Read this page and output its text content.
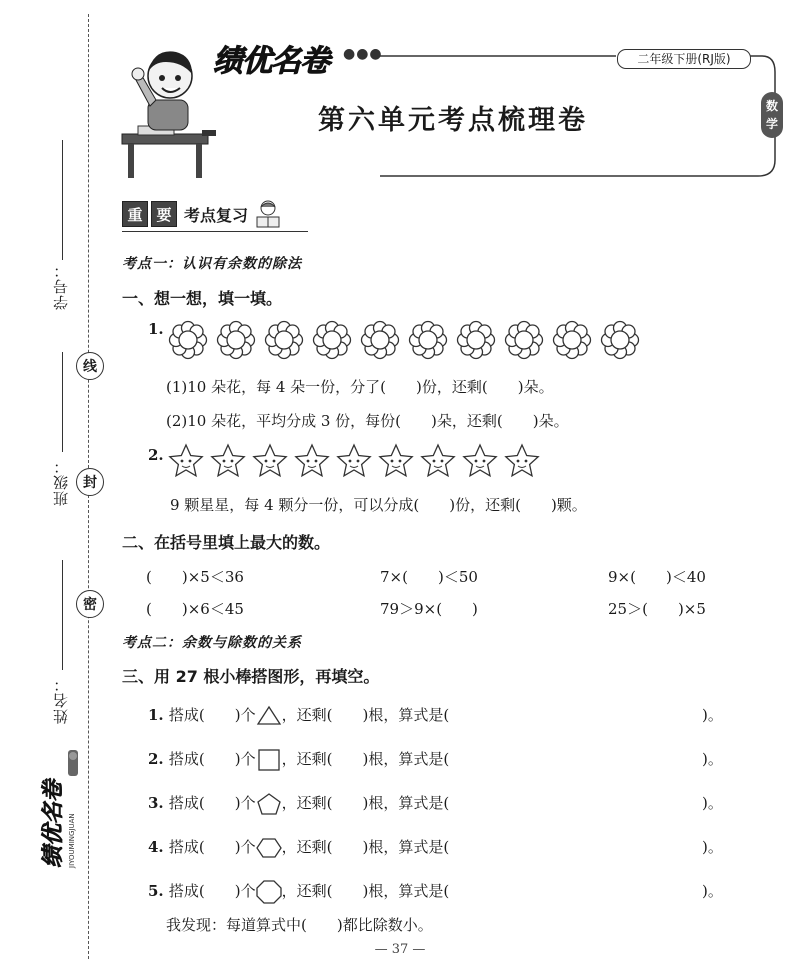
学号：
线
班级： 封
密
姓名：
绩优名卷 JIYOUMINGJUAN
绩优名卷 ●●●	二年级下册(RJ版)
数
学
第六单元考点梳理卷
重 要 考点复习
考点一：认识有余数的除法
一、想一想，填一填。
1.
(1)10 朵花，每 4 朵一份，分了(　　)份，还剩(　　)朵。
(2)10 朵花，平均分成 3 份，每份(　　)朵，还剩(　　)朵。
2.
9 颗星星，每 4 颗分一份，可以分成(　　)份，还剩(　　)颗。
二、在括号里填上最大的数。
(　　)×5＜36	7×(　　)＜50	9×(　　)＜40
(　　)×6＜45	79＞9×(　　)	25＞(　　)×5
考点二：余数与除数的关系
三、用 27 根小棒搭图形，再填空。
1. 搭成(　　)个 ，还剩(　　)根，算式是(	)。
2. 搭成(　　)个 ，还剩(　　)根，算式是(	)。
3. 搭成(　　)个 ，还剩(　　)根，算式是(	)。
4. 搭成(　　)个 ，还剩(　　)根，算式是(	)。
5. 搭成(　　)个 ，还剩(　　)根，算式是(	)。
我发现：每道算式中(　　)都比除数小。
— 37 —
